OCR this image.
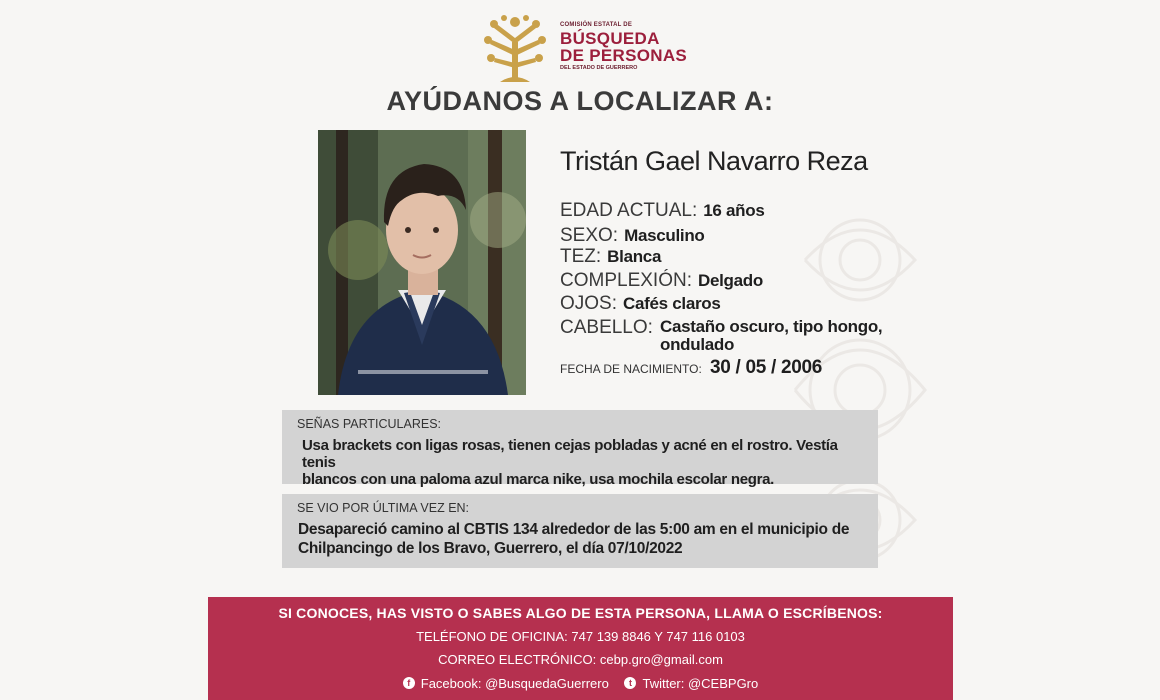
COMISIÓN ESTATAL DE
BÚSQUEDA
DE PERSONAS
DEL ESTADO DE GUERRERO
AYÚDANOS A LOCALIZAR A:
Tristán Gael Navarro Reza
EDAD ACTUAL: 16 años
SEXO: Masculino
TEZ: Blanca
COMPLEXIÓN: Delgado
OJOS: Cafés claros
CABELLO: Castaño oscuro, tipo hongo,
ondulado
FECHA DE NACIMIENTO: 30 / 05 / 2006
SEÑAS PARTICULARES:
Usa brackets con ligas rosas, tienen cejas pobladas y acné en el rostro. Vestía tenis
blancos con una paloma azul marca nike, usa mochila escolar negra.
SE VIO POR ÚLTIMA VEZ EN:
Desapareció camino al CBTIS 134 alrededor de las 5:00 am en el municipio de
Chilpancingo de los Bravo, Guerrero, el día 07/10/2022
SI CONOCES, HAS VISTO O SABES ALGO DE ESTA PERSONA, LLAMA O ESCRÍBENOS:
TELÉFONO DE OFICINA: 747 139 8846 Y 747 116 0103
CORREO ELECTRÓNICO: cebp.gro@gmail.com
f Facebook: @BusquedaGuerrero
	t Twitter: @CEBPGro
